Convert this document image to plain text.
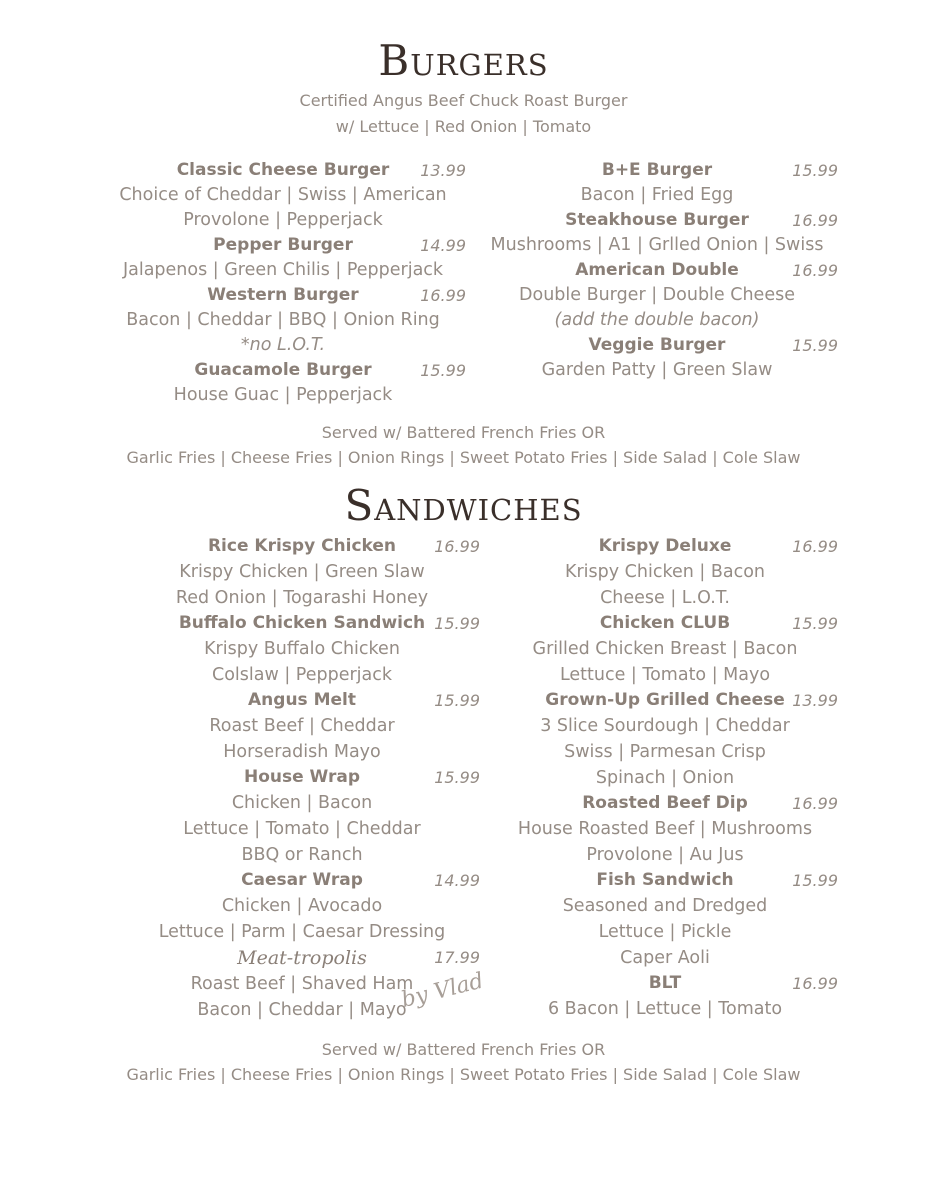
Burgers
Certified Angus Beef Chuck Roast Burger
w/ Lettuce | Red Onion | Tomato
Classic Cheese Burger	13.99
Choice of Cheddar | Swiss | American
Provolone | Pepperjack
Pepper Burger	14.99
Jalapenos | Green Chilis | Pepperjack
Western Burger	16.99
Bacon | Cheddar | BBQ | Onion Ring
*no L.O.T.
Guacamole Burger	15.99
House Guac | Pepperjack
B+E Burger	15.99
Bacon | Fried Egg
Steakhouse Burger	16.99
Mushrooms | A1 | Grlled Onion | Swiss
American Double	16.99
Double Burger | Double Cheese
(add the double bacon)
Veggie Burger	15.99
Garden Patty | Green Slaw
Served w/ Battered French Fries OR
Garlic Fries | Cheese Fries | Onion Rings | Sweet Potato Fries | Side Salad | Cole Slaw
Sandwiches
Rice Krispy Chicken	16.99
Krispy Chicken | Green Slaw
Red Onion | Togarashi Honey
Buffalo Chicken Sandwich 15.99
Krispy Buffalo Chicken
Colslaw | Pepperjack
Angus Melt	15.99
Roast Beef | Cheddar
Horseradish Mayo
House Wrap	15.99
Chicken | Bacon
Lettuce | Tomato | Cheddar
BBQ or Ranch
Caesar Wrap	14.99
Chicken | Avocado
Lettuce | Parm | Caesar Dressing
Meat-tropolis	17.99
Roast Beef | Shaved Ham
Bacon | Cheddar | Mayo
Krispy Deluxe	16.99
Krispy Chicken | Bacon
Cheese | L.O.T.
Chicken CLUB	15.99
Grilled Chicken Breast | Bacon
Lettuce | Tomato | Mayo
Grown-Up Grilled Cheese 13.99
3 Slice Sourdough | Cheddar
Swiss | Parmesan Crisp
Spinach | Onion
Roasted Beef Dip	16.99
House Roasted Beef | Mushrooms
Provolone | Au Jus
Fish Sandwich	15.99
Seasoned and Dredged
Lettuce | Pickle
Caper Aoli
BLT	16.99
6 Bacon | Lettuce | Tomato
by Vlad
Served w/ Battered French Fries OR
Garlic Fries | Cheese Fries | Onion Rings | Sweet Potato Fries | Side Salad | Cole Slaw
